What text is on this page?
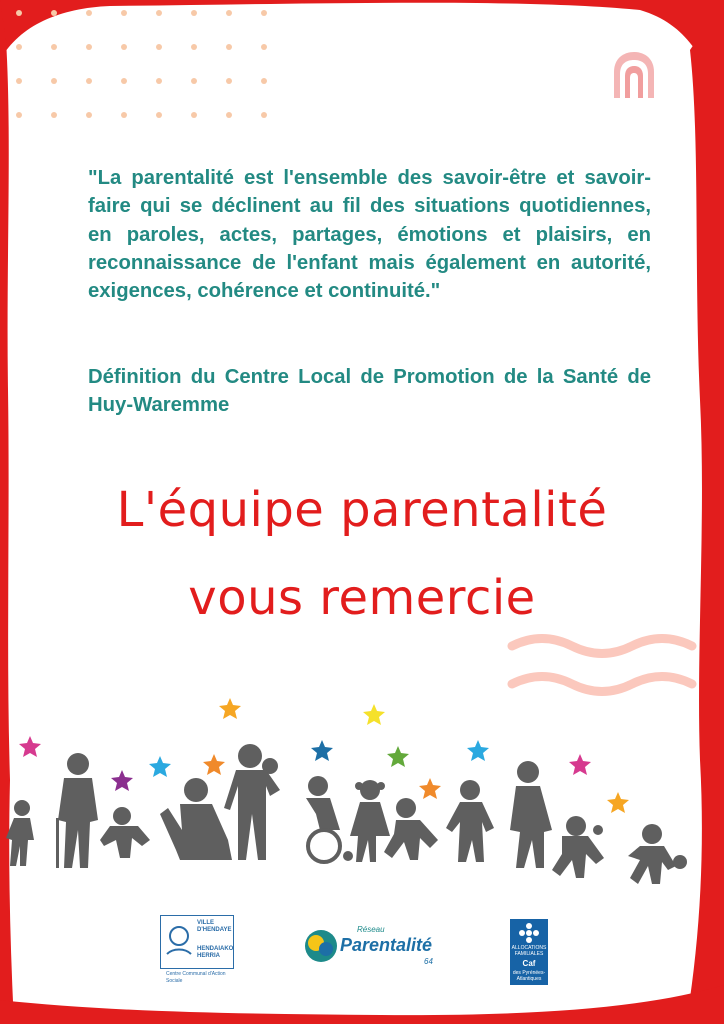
"La parentalité est l'ensemble des savoir-être et savoir-faire qui se déclinent au fil des situations quotidiennes, en paroles, actes, partages, émotions et plaisirs, en reconnaissance de l'enfant mais également en autorité, exigences, cohérence et continuité."

Définition du Centre Local de Promotion de la Santé de Huy-Waremme

L'équipe parentalité
vous remercie
VILLE D'HENDAYE
HENDAIAKO HERRIA
Centre Communal d'Action Sociale
Réseau
Parentalité
64
ALLOCATIONS FAMILIALES
Caf
des Pyrénées-Atlantiques
